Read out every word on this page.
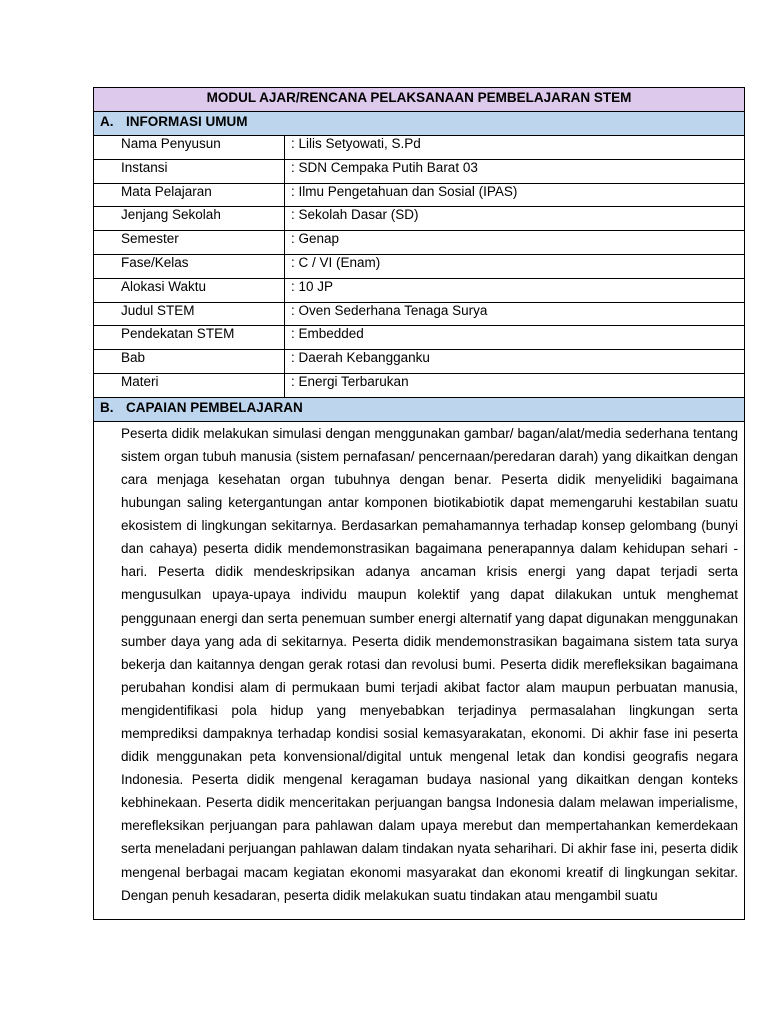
MODUL AJAR/RENCANA PELAKSANAAN PEMBELAJARAN STEM	
A. INFORMASI UMUM	

Nama Penyusun	: Lilis Setyowati, S.Pd

Instansi	: SDN Cempaka Putih Barat 03

Mata Pelajaran	: Ilmu Pengetahuan dan Sosial (IPAS)

Jenjang Sekolah	: Sekolah Dasar (SD)

Semester	: Genap

Fase/Kelas	: C / VI (Enam)

Alokasi Waktu	: 10 JP

Judul STEM	: Oven Sederhana Tenaga Surya

Pendekatan STEM	: Embedded

Bab	: Daerah Kebangganku

Materi	: Energi Terbarukan

B. CAPAIAN PEMBELAJARAN	

Peserta didik melakukan simulasi dengan menggunakan gambar/ bagan/alat/media sederhana tentang sistem organ tubuh manusia (sistem pernafasan/ pencernaan/peredaran darah) yang dikaitkan dengan cara menjaga kesehatan organ tubuhnya dengan benar. Peserta didik menyelidiki bagaimana hubungan saling ketergantungan antar komponen biotikabiotik dapat memengaruhi kestabilan suatu ekosistem di lingkungan sekitarnya. Berdasarkan pemahamannya terhadap konsep gelombang (bunyi dan cahaya) peserta didik mendemonstrasikan bagaimana penerapannya dalam kehidupan sehari - hari. Peserta didik mendeskripsikan adanya ancaman krisis energi yang dapat terjadi serta mengusulkan upaya-upaya individu maupun kolektif yang dapat dilakukan untuk menghemat penggunaan energi dan serta penemuan sumber energi alternatif yang dapat digunakan menggunakan sumber daya yang ada di sekitarnya. Peserta didik mendemonstrasikan bagaimana sistem tata surya bekerja dan kaitannya dengan gerak rotasi dan revolusi bumi. Peserta didik merefleksikan bagaimana perubahan kondisi alam di permukaan bumi terjadi akibat factor alam maupun perbuatan manusia, mengidentifikasi pola hidup yang menyebabkan terjadinya permasalahan lingkungan serta memprediksi dampaknya terhadap kondisi sosial kemasyarakatan, ekonomi. Di akhir fase ini peserta didik menggunakan peta konvensional/digital untuk mengenal letak dan kondisi geografis negara Indonesia. Peserta didik mengenal keragaman budaya nasional yang dikaitkan dengan konteks kebhinekaan. Peserta didik menceritakan perjuangan bangsa Indonesia dalam melawan imperialisme, merefleksikan perjuangan para pahlawan dalam upaya merebut dan mempertahankan kemerdekaan serta meneladani perjuangan pahlawan dalam tindakan nyata seharihari. Di akhir fase ini, peserta didik mengenal berbagai macam kegiatan ekonomi masyarakat dan ekonomi kreatif di lingkungan sekitar. Dengan penuh kesadaran, peserta didik melakukan suatu tindakan atau mengambil suatu	
